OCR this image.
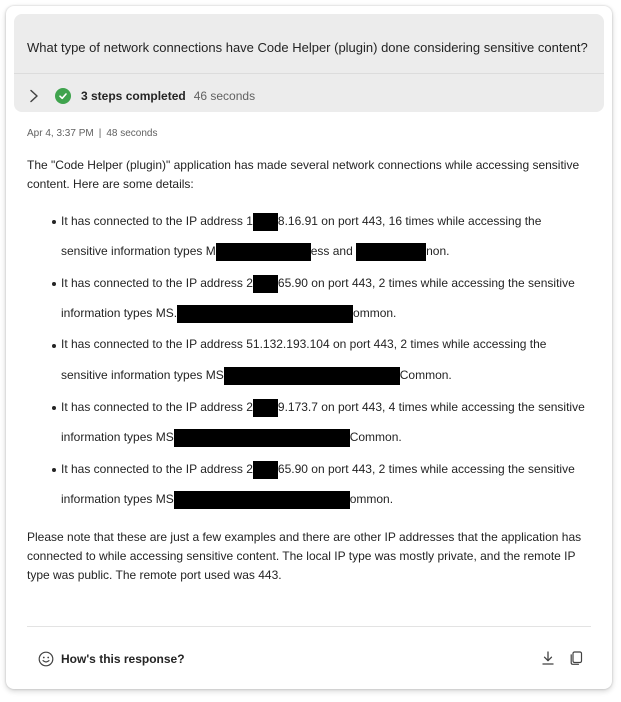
What type of network connections have Code Helper (plugin) done considering sensitive content?
3 steps completed 46 seconds
Apr 4, 3:37 PM | 48 seconds
The "Code Helper (plugin)" application has made several network connections while accessing sensitive content. Here are some details:
It has connected to the IP address 1 8.16.91 on port 443, 16 times while accessing the
sensitive information types M	ess and	non.
It has connected to the IP address 2 65.90 on port 443, 2 times while accessing the sensitive
information types MS.	ommon.
It has connected to the IP address 51.132.193.104 on port 443, 2 times while accessing the
sensitive information types MS	Common.
It has connected to the IP address 2 9.173.7 on port 443, 4 times while accessing the sensitive
information types MS	Common.
It has connected to the IP address 2 65.90 on port 443, 2 times while accessing the sensitive
information types MS	ommon.
Please note that these are just a few examples and there are other IP addresses that the application has connected to while accessing sensitive content. The local IP type was mostly private, and the remote IP type was public. The remote port used was 443.
How's this response?
